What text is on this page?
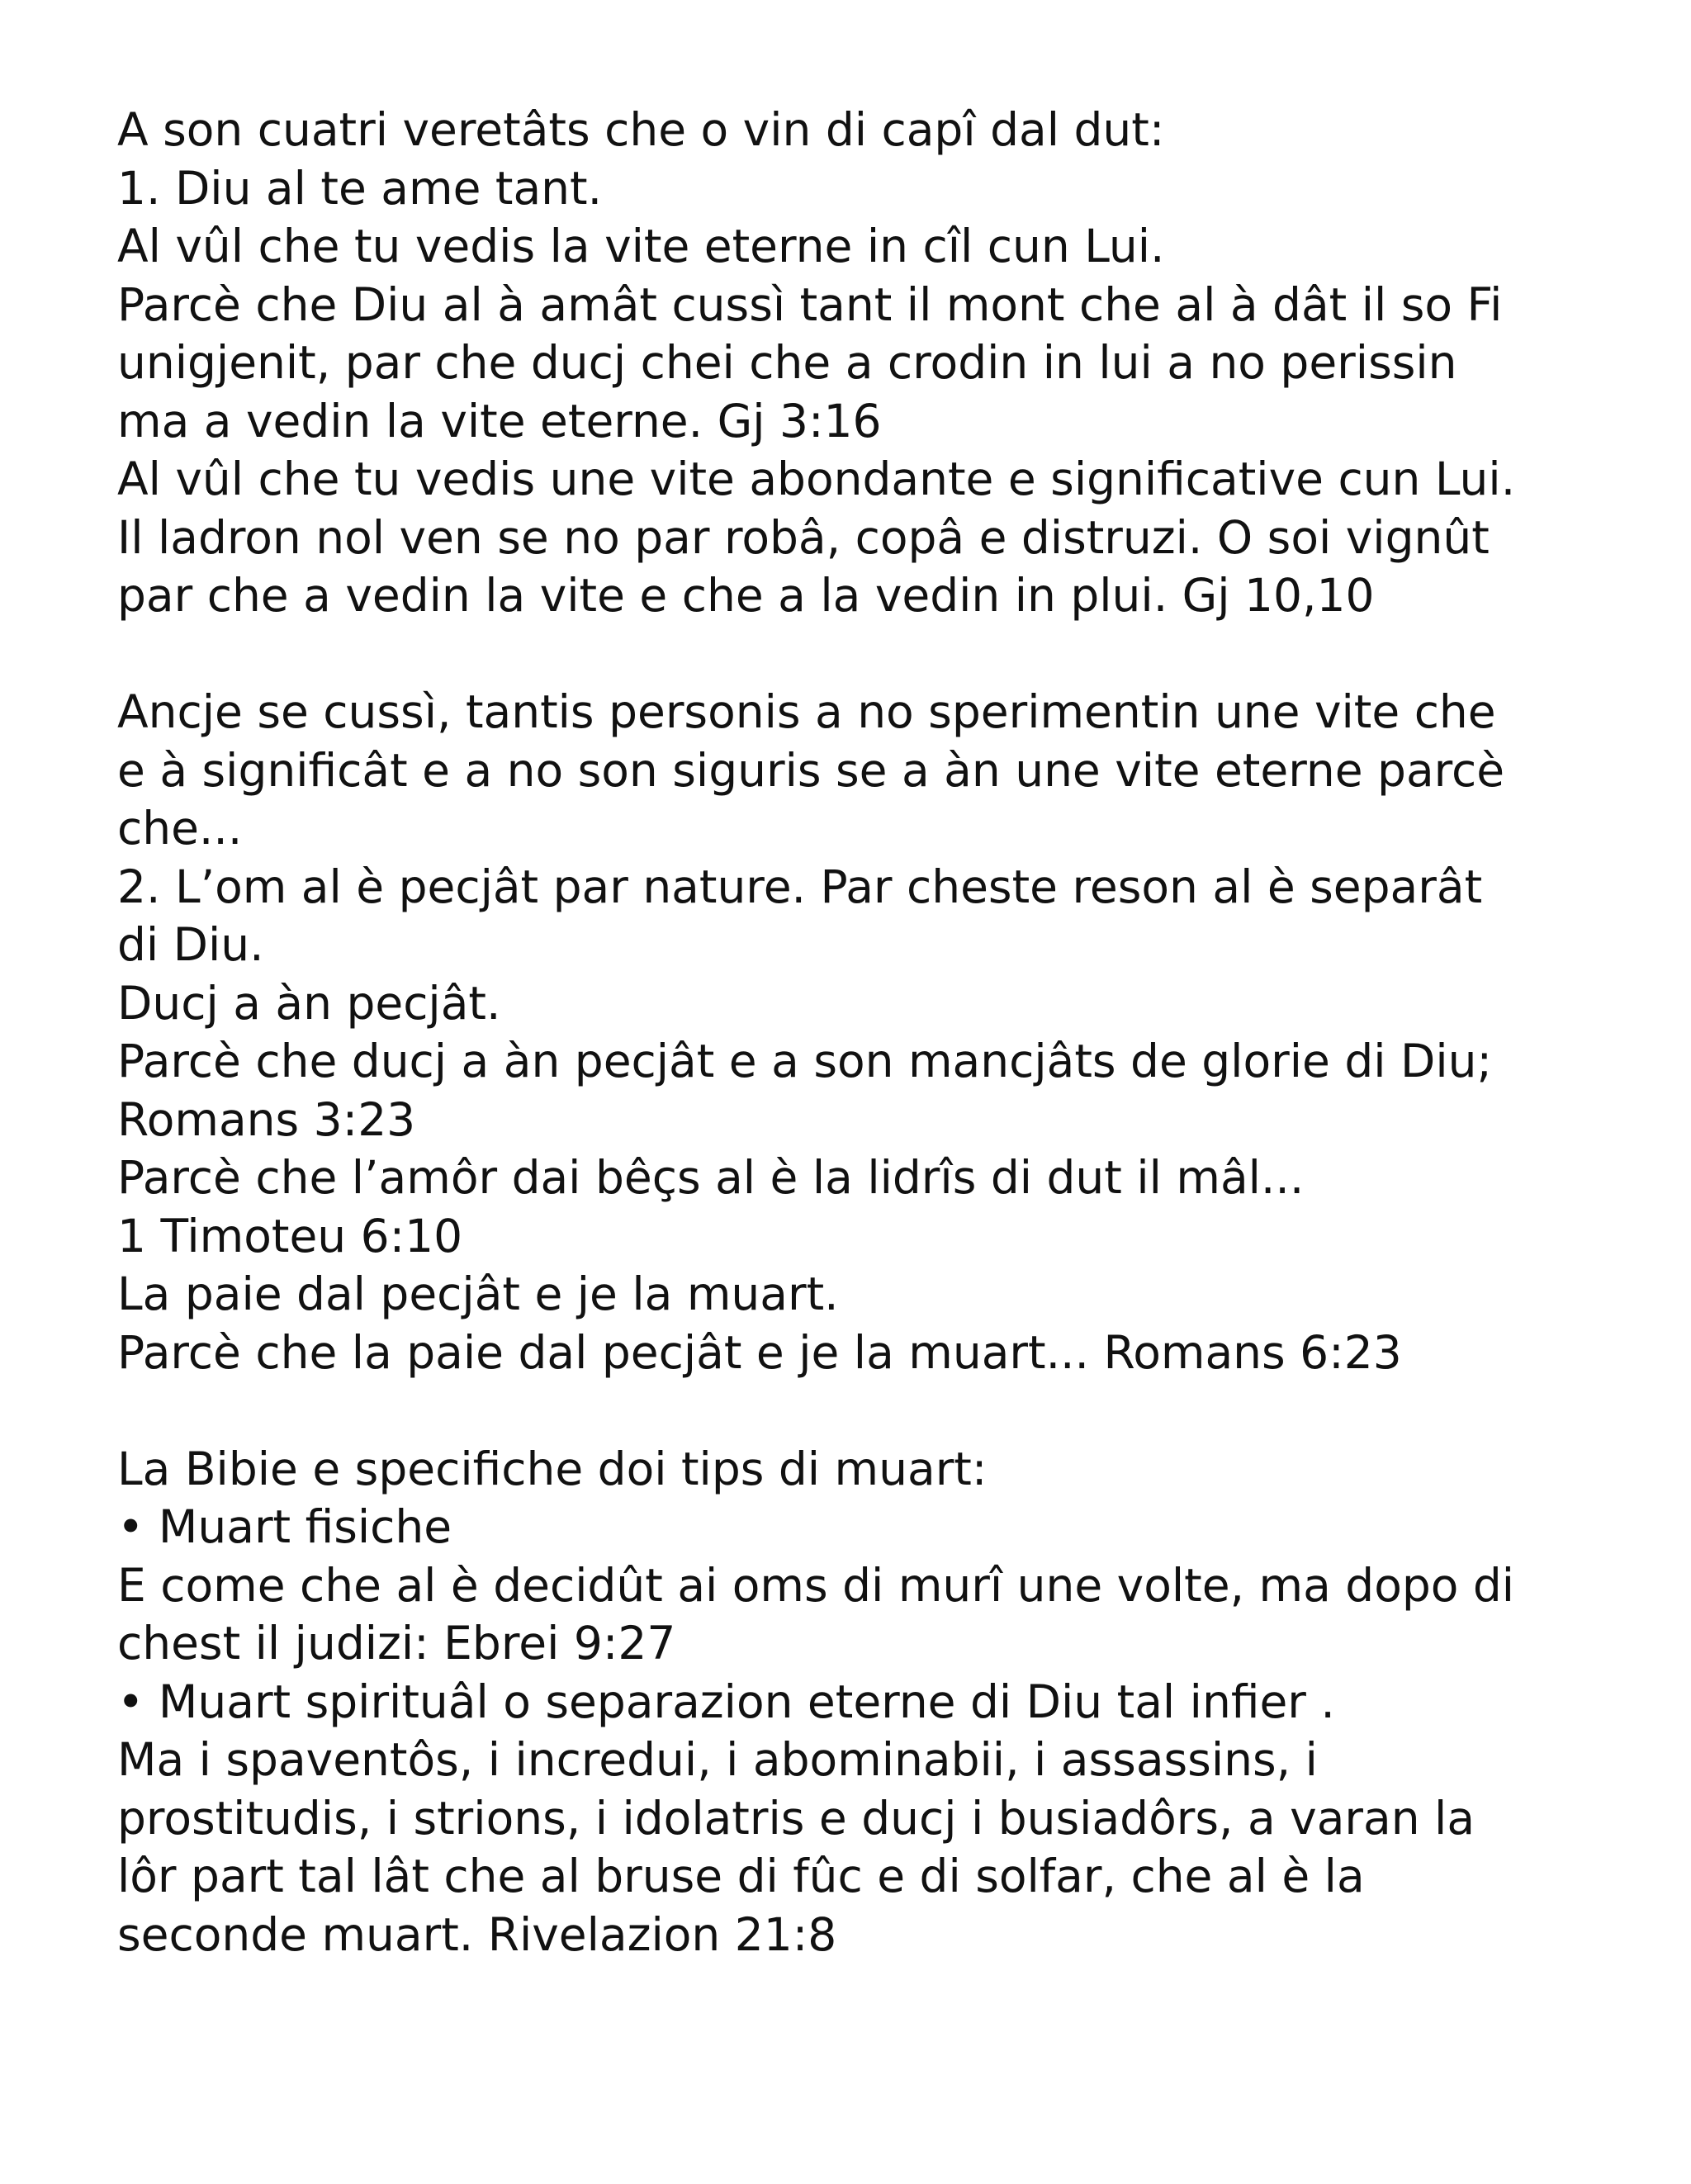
A son cuatri veretâts che o vin di capî dal dut:
1. Diu al te ame tant.
Al vûl che tu vedis la vite eterne in cîl cun Lui.
Parcè che Diu al à amât cussì tant il mont che al à dât il so Fi
unigjenit, par che ducj chei che a crodin in lui a no perissin
ma a vedin la vite eterne. Gj 3:16
Al vûl che tu vedis une vite abondante e significative cun Lui.
Il ladron nol ven se no par robâ, copâ e distruzi. O soi vignût
par che a vedin la vite e che a la vedin in plui. Gj 10,10
Ancje se cussì, tantis personis a no sperimentin une vite che
e à significât e a no son siguris se a àn une vite eterne parcè
che...
2. L’om al è pecjât par nature. Par cheste reson al è separât
di Diu.
Ducj a àn pecjât.
Parcè che ducj a àn pecjât e a son mancjâts de glorie di Diu;
Romans 3:23
Parcè che l’amôr dai bêçs al è la lidrîs di dut il mâl...
1 Timoteu 6:10
La paie dal pecjât e je la muart.
Parcè che la paie dal pecjât e je la muart... Romans 6:23
La Bibie e specifiche doi tips di muart:
• Muart fisiche
E come che al è decidût ai oms di murî une volte, ma dopo di
chest il judizi: Ebrei 9:27
• Muart spirituâl o separazion eterne di Diu tal infier .
Ma i spaventôs, i incredui, i abominabii, i assassins, i
prostitudis, i strions, i idolatris e ducj i busiadôrs, a varan la
lôr part tal lât che al bruse di fûc e di solfar, che al è la
seconde muart. Rivelazion 21:8
